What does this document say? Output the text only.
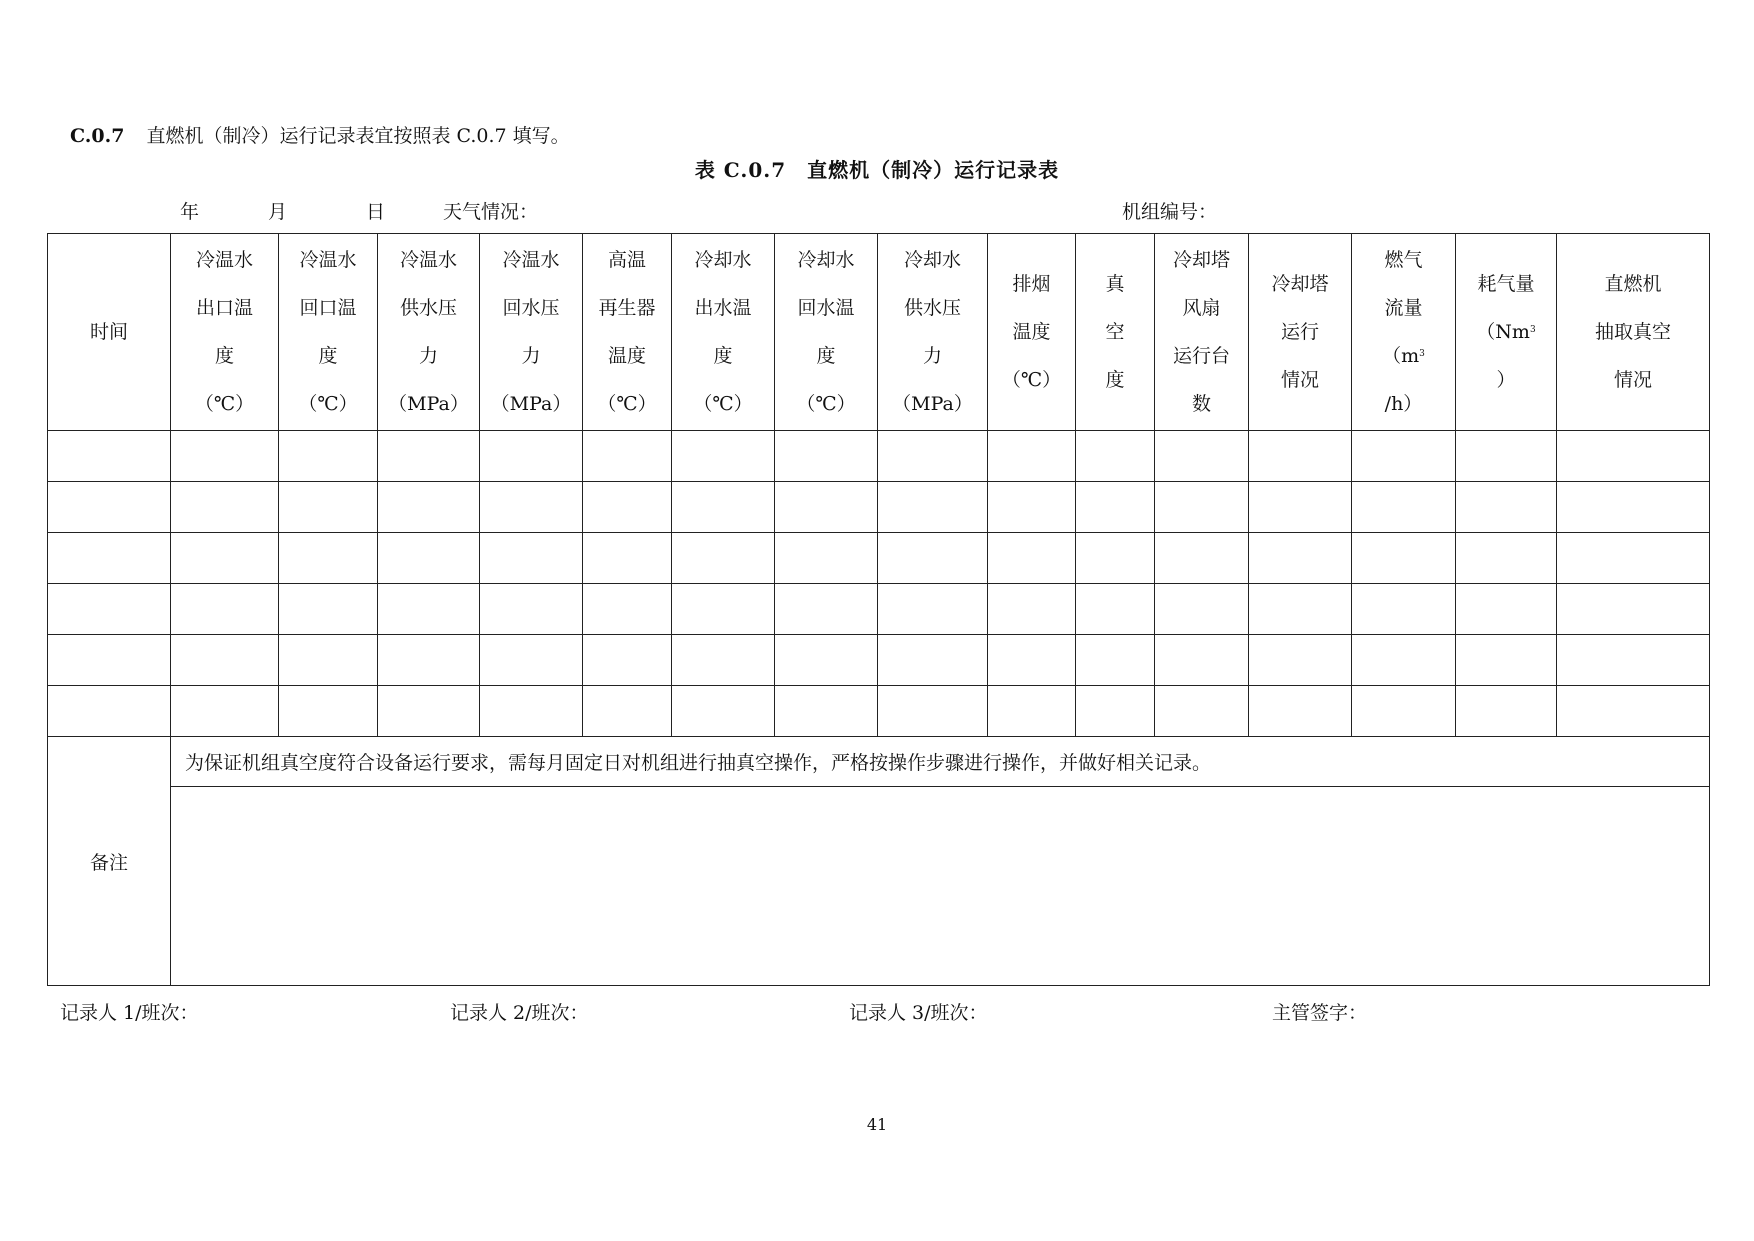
C.0.7 直燃机（制冷）运行记录表宜按照表 C.0.7 填写。
表 C.0.7　直燃机（制冷）运行记录表
年	月	日	天气情况：	机组编号：
时间	冷温水
出口温
度
（℃）	冷温水
回口温
度
（℃）	冷温水
供水压
力
（MPa）	冷温水
回水压
力
（MPa）	高温
再生器
温度
（℃）	冷却水
出水温
度
（℃）	冷却水
回水温
度
（℃）	冷却水
供水压
力
（MPa）	排烟
温度
（℃）	真
空
度	冷却塔
风扇
运行台
数	冷却塔
运行
情况	燃气
流量
（$m^3$
/h）	耗气量
（Nm$^3$
）	直燃机
抽取真空
情况

备注	为保证机组真空度符合设备运行要求，需每月固定日对机组进行抽真空操作，严格按操作步骤进行操作，并做好相关记录。														

记录人 1/班次：	记录人 2/班次：	记录人 3/班次：	主管签字：
41
